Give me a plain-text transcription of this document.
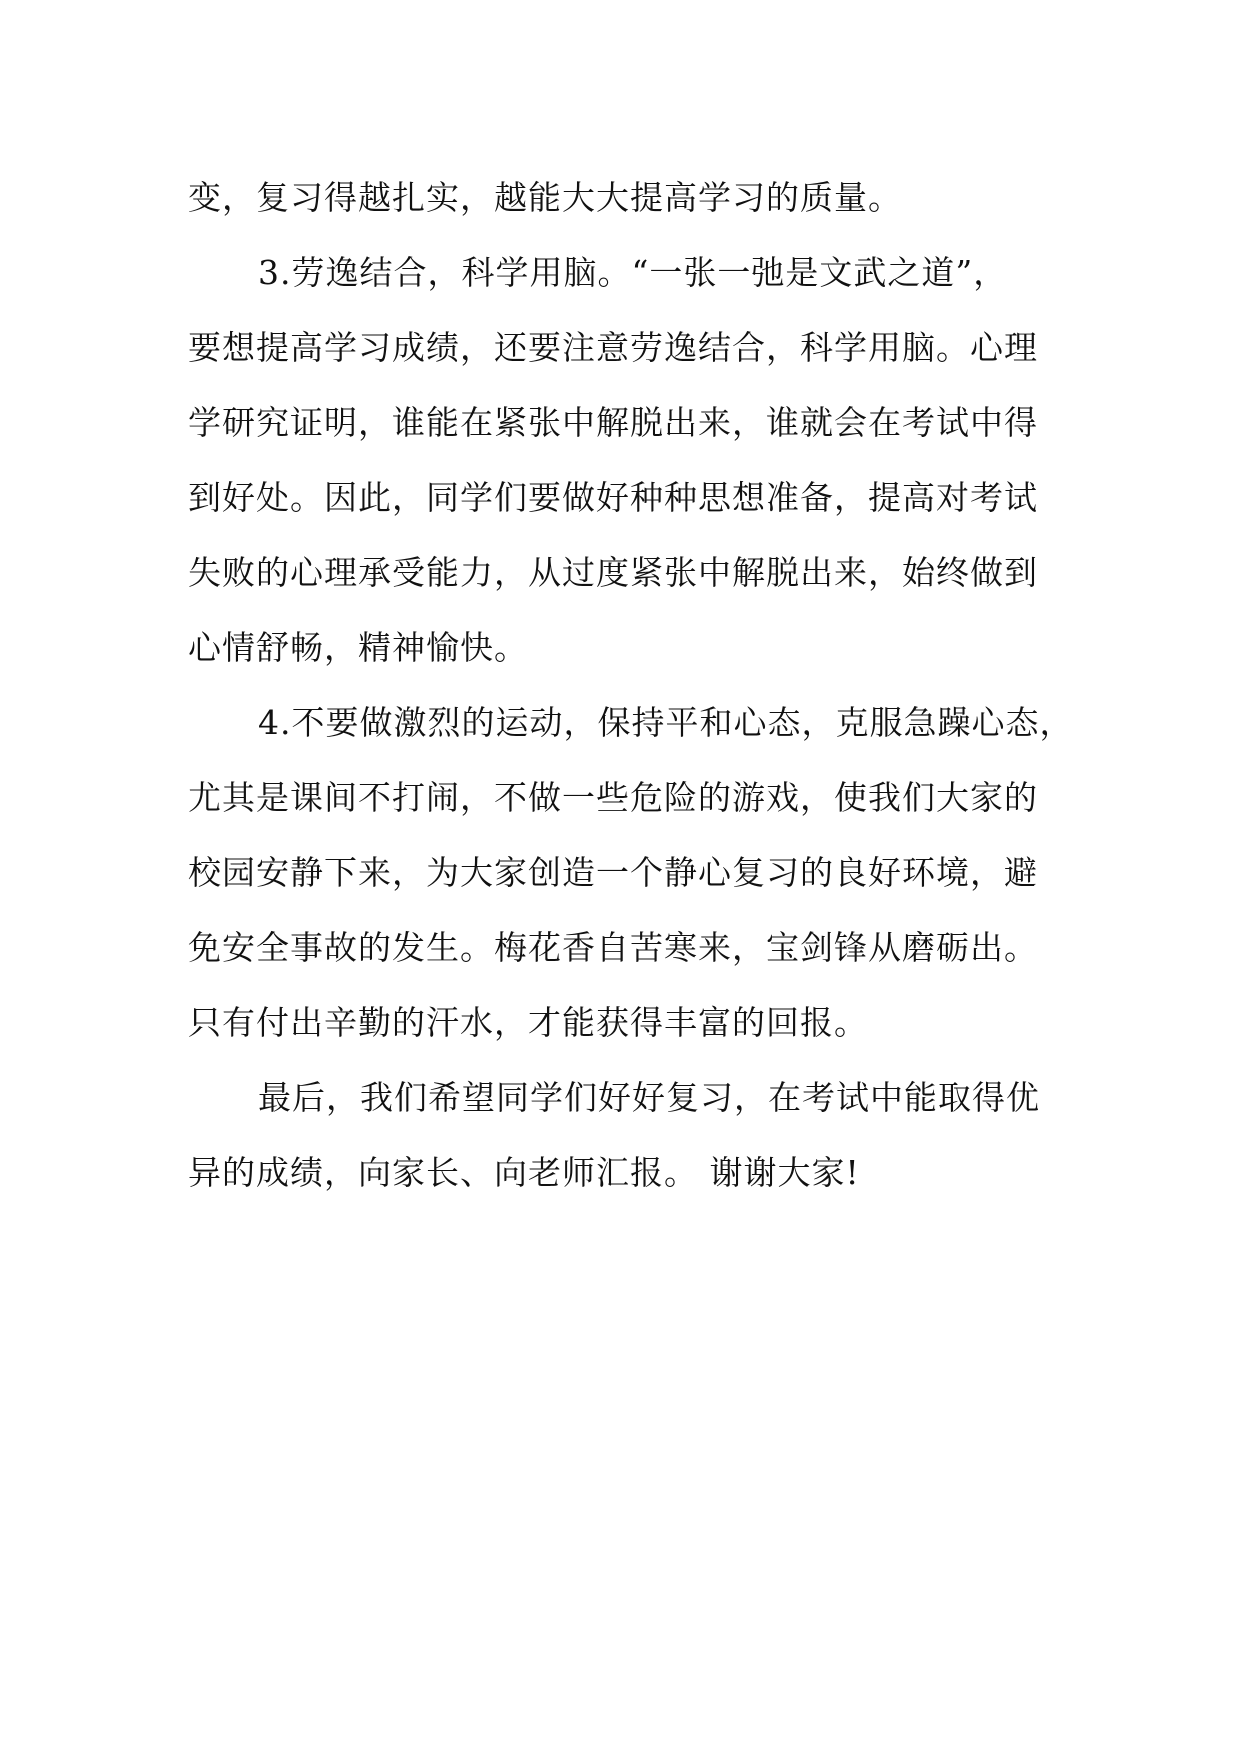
变，复习得越扎实，越能大大提高学习的质量。
3.劳逸结合，科学用脑。“一张一弛是文武之道”，
要想提高学习成绩，还要注意劳逸结合，科学用脑。心理
学研究证明，谁能在紧张中解脱出来，谁就会在考试中得
到好处。因此，同学们要做好种种思想准备，提高对考试
失败的心理承受能力，从过度紧张中解脱出来，始终做到
心情舒畅，精神愉快。
4.不要做激烈的运动，保持平和心态，克服急躁心态，
尤其是课间不打闹，不做一些危险的游戏，使我们大家的
校园安静下来，为大家创造一个静心复习的良好环境，避
免安全事故的发生。梅花香自苦寒来，宝剑锋从磨砺出。
只有付出辛勤的汗水，才能获得丰富的回报。
最后，我们希望同学们好好复习，在考试中能取得优
异的成绩，向家长、向老师汇报。 谢谢大家!
